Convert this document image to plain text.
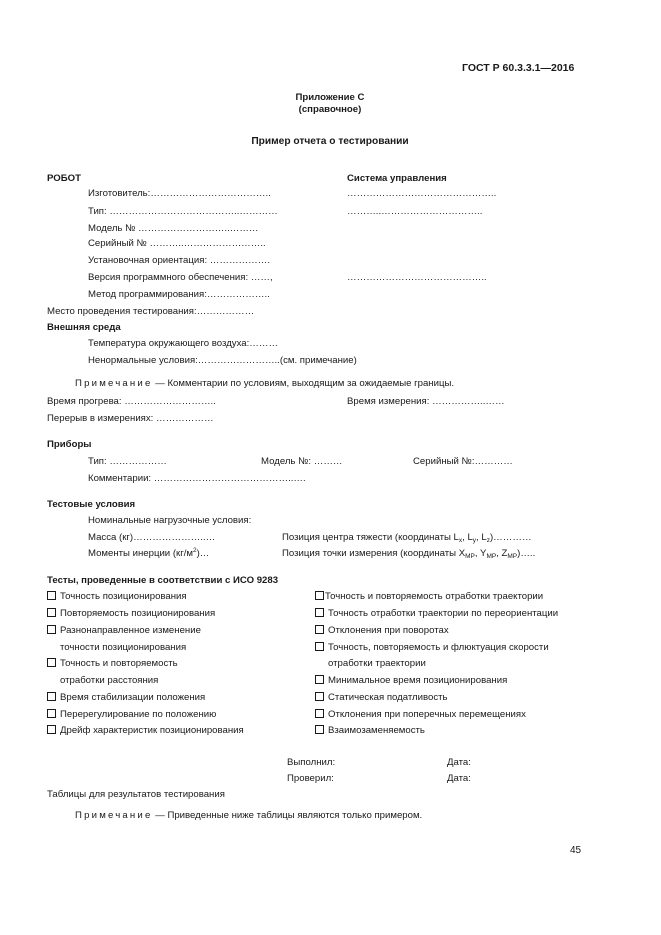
ГОСТ Р 60.3.3.1—2016
Приложение С
(справочное)
Пример отчета о тестировании
РОБОТ	Система управления
Изготовитель:………………………………..	………………………………………..
Тип: …………………………………..…………	………..…………………………..
Модель № ………………………..………
Серийный № ………..……………………..
Установочная ориентация: ……………….
Версия программного обеспечения: ……,	……………………………………..
Метод программирования:………………..
Место проведения тестирования:………………
Внешняя среда
Температура окружающего воздуха:………
Ненормальные условия:……………………..(см. примечание)
Примечание — Комментарии по условиям, выходящим за ожидаемые границы.
Время прогрева: ………………………..	Время измерения: ……………..……
Перерыв в измерениях: ………………
Приборы
Тип: ………………	Модель №: ………	Серийный №:…………
Комментарии: ……………………………………..….
Тестовые условия
Номинальные нагрузочные условия:
Масса (кг)…………………..…	Позиция центра тяжести (координаты $L_x$, $L_y$, $L_z)\dots\dots\dots\dots$
Моменты инерции $(кг/м^2)\dots$	Позиция точки измерения (координаты $X_{MP}$, $Y_{MP}$, $Z_{MP})\dots$..
Тесты, проведенные в соответствии с ИСО 9283
Точность позиционирования
Повторяемость позиционирования
Разнонаправленное изменение
точности позиционирования
Точность и повторяемость
отработки расстояния
Время стабилизации положения
Перерегулирование по положению
Дрейф характеристик позиционирования
Точность и повторяемость отработки траектории
Точность отработки траектории по переориентации
Отклонения при поворотах
Точность, повторяемость и флюктуация скорости
отработки траектории
Минимальное время позиционирования
Статическая податливость
Отклонения при поперечных перемещениях
Взаимозаменяемость
Выполнил:	Дата:
Проверил:	Дата:
Таблицы для результатов тестирования
Примечание — Приведенные ниже таблицы являются только примером.
45
